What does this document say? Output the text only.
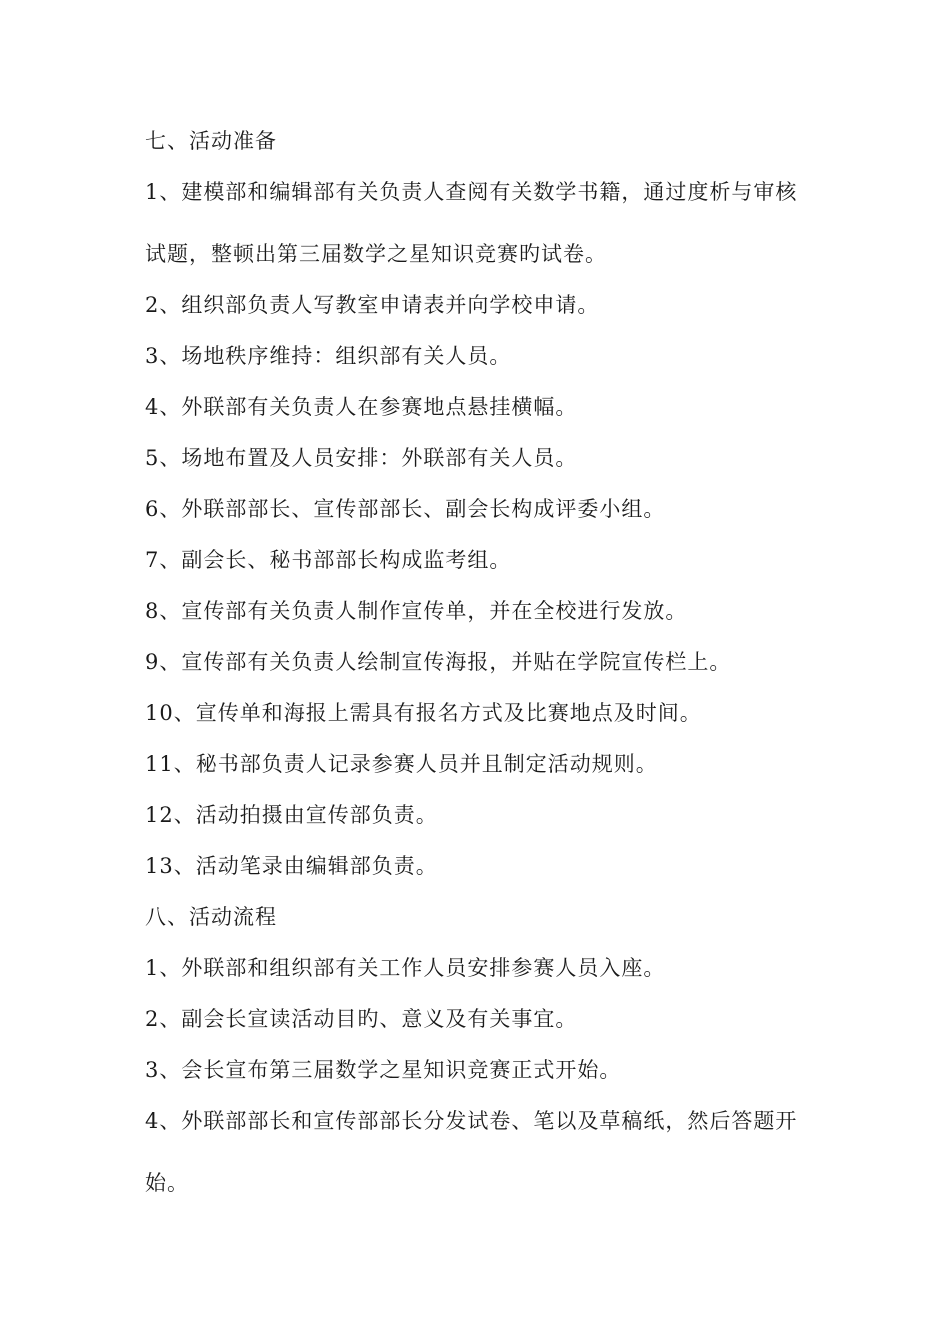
七、活动准备
1、建模部和编辑部有关负责人查阅有关数学书籍，通过度析与审核试题，整顿出第三届数学之星知识竞赛旳试卷。
2、组织部负责人写教室申请表并向学校申请。
3、场地秩序维持：组织部有关人员。
4、外联部有关负责人在参赛地点悬挂横幅。
5、场地布置及人员安排：外联部有关人员。
6、外联部部长、宣传部部长、副会长构成评委小组。
7、副会长、秘书部部长构成监考组。
8、宣传部有关负责人制作宣传单，并在全校进行发放。
9、宣传部有关负责人绘制宣传海报，并贴在学院宣传栏上。
10、宣传单和海报上需具有报名方式及比赛地点及时间。
11、秘书部负责人记录参赛人员并且制定活动规则。
12、活动拍摄由宣传部负责。
13、活动笔录由编辑部负责。
八、活动流程
1、外联部和组织部有关工作人员安排参赛人员入座。
2、副会长宣读活动目旳、意义及有关事宜。
3、会长宣布第三届数学之星知识竞赛正式开始。
4、外联部部长和宣传部部长分发试卷、笔以及草稿纸，然后答题开始。
